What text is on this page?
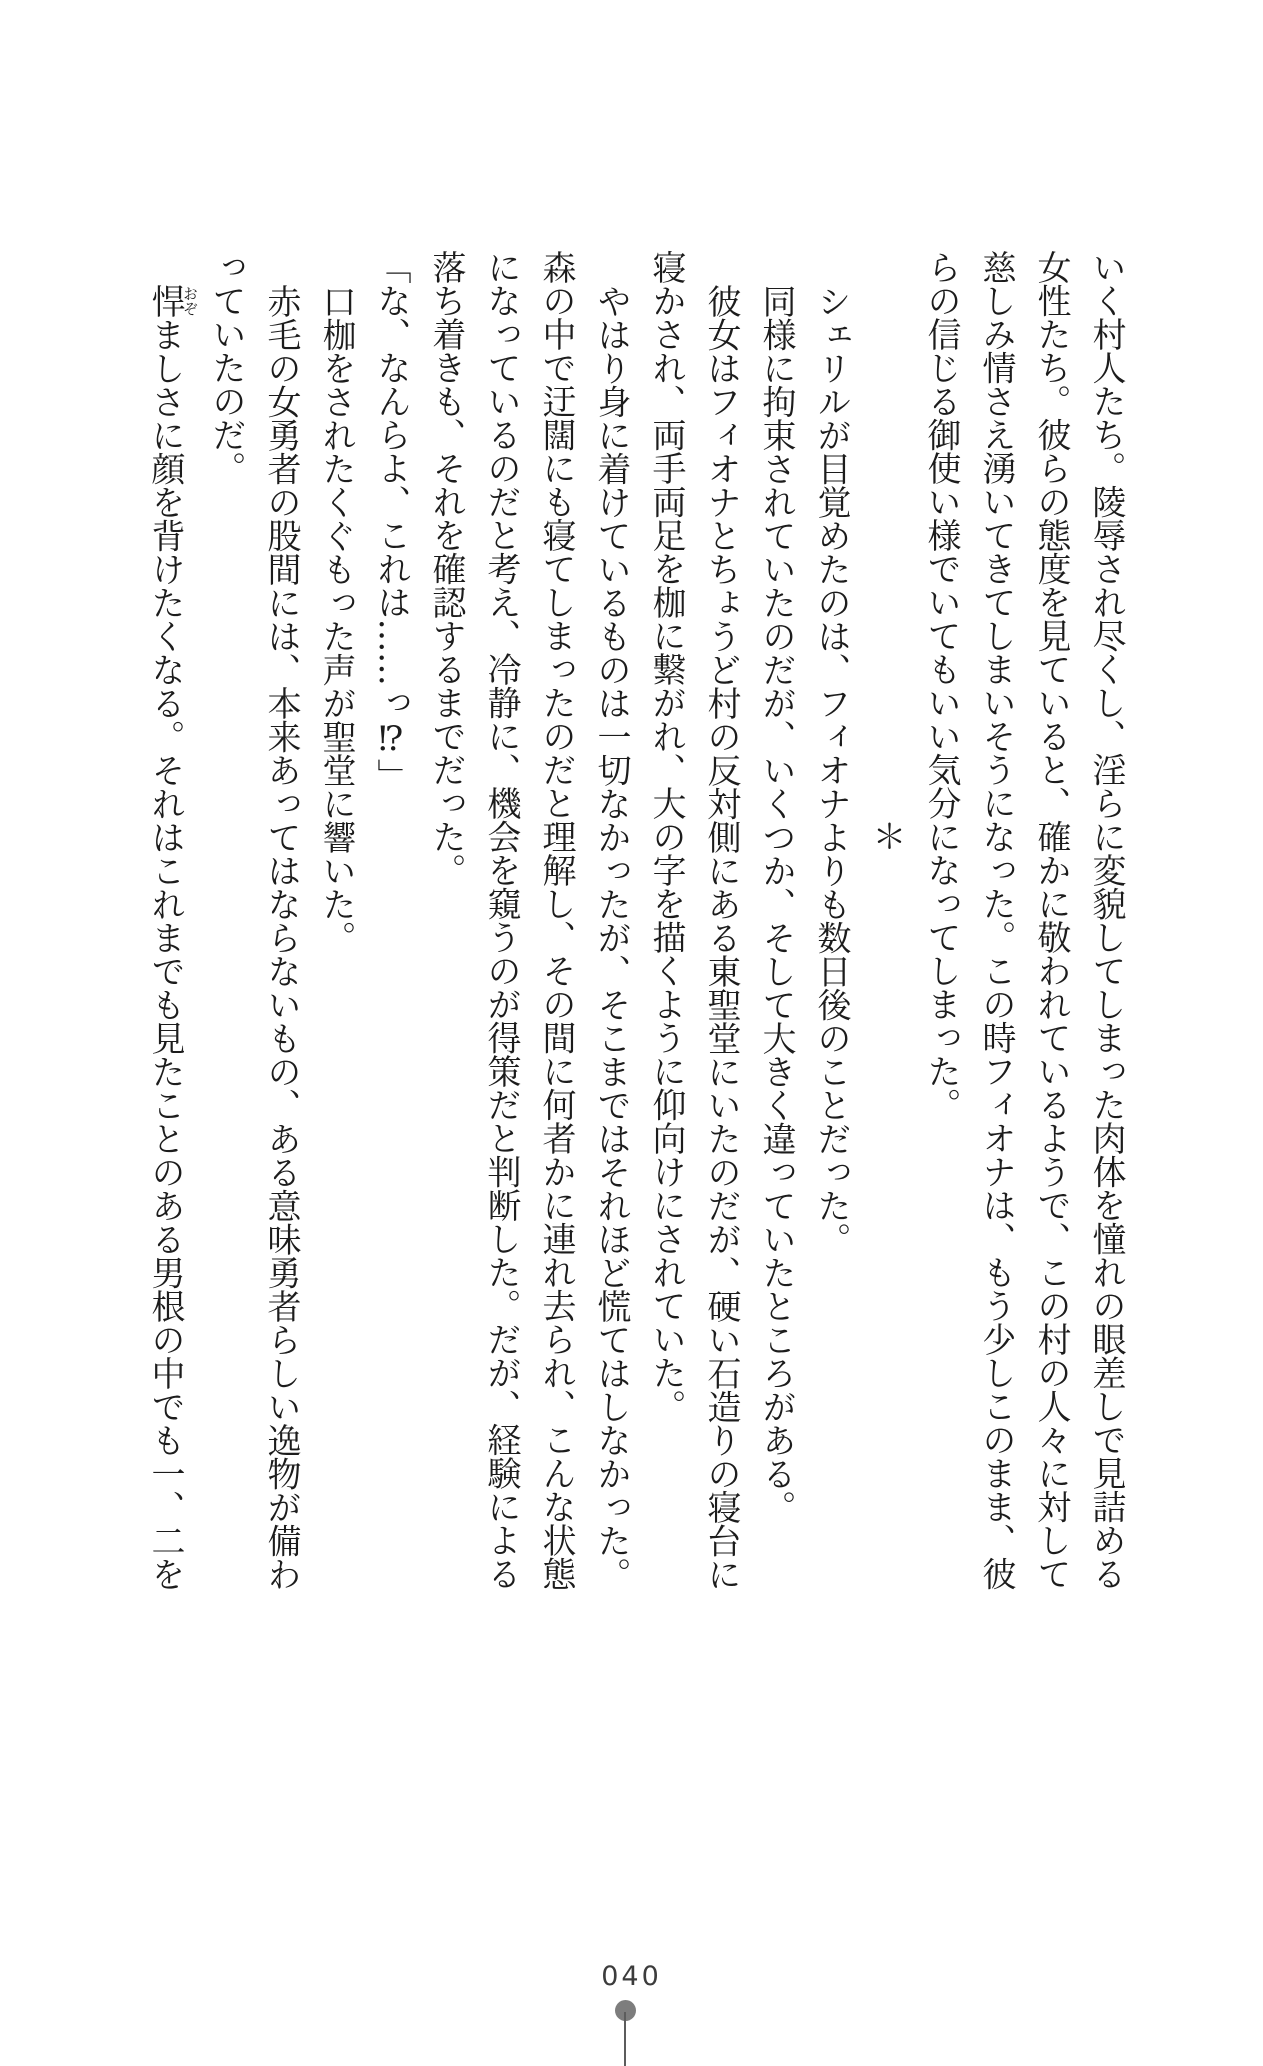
いく村人たち。陵辱され尽くし、淫らに変貌してしまった肉体を憧れの眼差しで見詰める
女性たち。彼らの態度を見ていると、確かに敬われているようで、この村の人々に対して
慈しみ情さえ湧いてきてしまいそうになった。この時フィオナは、もう少しこのまま、彼
らの信じる御使い様でいてもいい気分になってしまった。
＊
シェリルが目覚めたのは、フィオナよりも数日後のことだった。
同様に拘束されていたのだが、いくつか、そして大きく違っていたところがある。
彼女はフィオナとちょうど村の反対側にある東聖堂にいたのだが、硬い石造りの寝台に
寝かされ、両手両足を枷に繋がれ、大の字を描くように仰向けにされていた。
やはり身に着けているものは一切なかったが、そこまではそれほど慌てはしなかった。
森の中で迂闊にも寝てしまったのだと理解し、その間に何者かに連れ去られ、こんな状態
になっているのだと考え、冷静に、機会を窺うのが得策だと判断した。だが、経験による
落ち着きも、それを確認するまでだった。
「な、なんらよ、これは……っ⁉」
口枷をされたくぐもった声が聖堂に響いた。
赤毛の女勇者の股間には、本来あってはならないもの、ある意味勇者らしい逸物が備わ
っていたのだ。
悍おぞましさに顔を背けたくなる。それはこれまでも見たことのある男根の中でも一、二を
040
